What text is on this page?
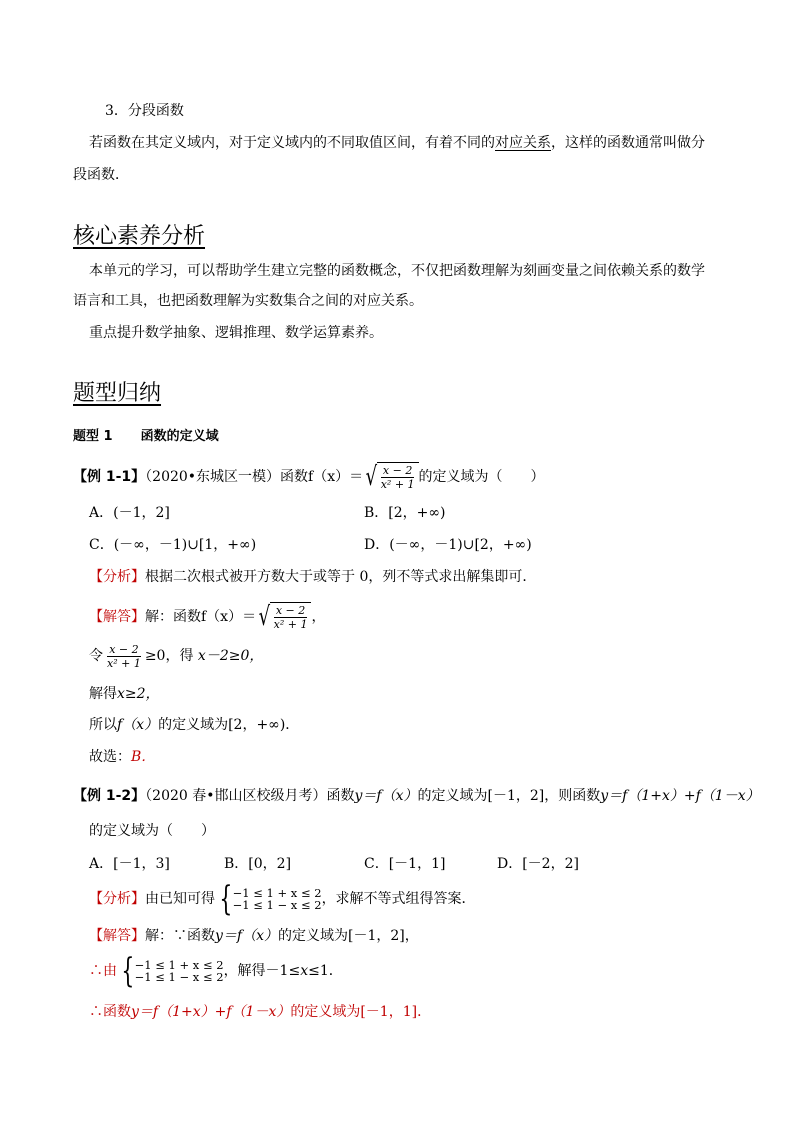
3．分段函数
若函数在其定义域内，对于定义域内的不同取值区间，有着不同的对应关系，这样的函数通常叫做分
段函数．
核心素养分析
本单元的学习，可以帮助学生建立完整的函数概念，不仅把函数理解为刻画变量之间依赖关系的数学
语言和工具，也把函数理解为实数集合之间的对应关系。
重点提升数学抽象、逻辑推理、数学运算素养。
题型归纳
题型 1 函数的定义域
【例 1-1】（2020•东城区一模）函数f（x）＝ √ $\frac{x - 2}{\text{x² + 1}}$ 的定义域为（　　）
A．(－1，2]	B．[2，+∞)
C．(－∞，－1)∪[1，+∞)	D．(－∞，－1)∪[2，+∞)
【分析】根据二次根式被开方数大于或等于 0，列不等式求出解集即可．
【解答】解：函数f（x）＝ √ $\frac{x - 2}{\text{x² + 1}}$ ，
令 $\frac{x - 2}{\text{x² + 1}} \ge 0$，得 x－2≥0，
解得x≥2，
所以f（x）的定义域为[2，+∞)．
故选：B．
【例 1-2】（2020 春•邯山区校级月考）函数y＝f（x）的定义域为[－1，2]，则函数y＝f（1+x）+f（1－x）
的定义域为（　　）
A．[－1，3]	B．[0，2]	C．[－1，1]	D．[－2，2]
【分析】由已知可得 { −1 ≤ 1 + x ≤ 2
−1 ≤ 1 − x ≤ 2 ，求解不等式组得答案．
【解答】解：∵函数y＝f（x）的定义域为[－1，2]，
∴由 { −1 ≤ 1 + x ≤ 2
−1 ≤ 1 − x ≤ 2 ，解得－1≤x≤1．
∴函数y＝f（1+x）+f（1－x）的定义域为[－1，1]．
